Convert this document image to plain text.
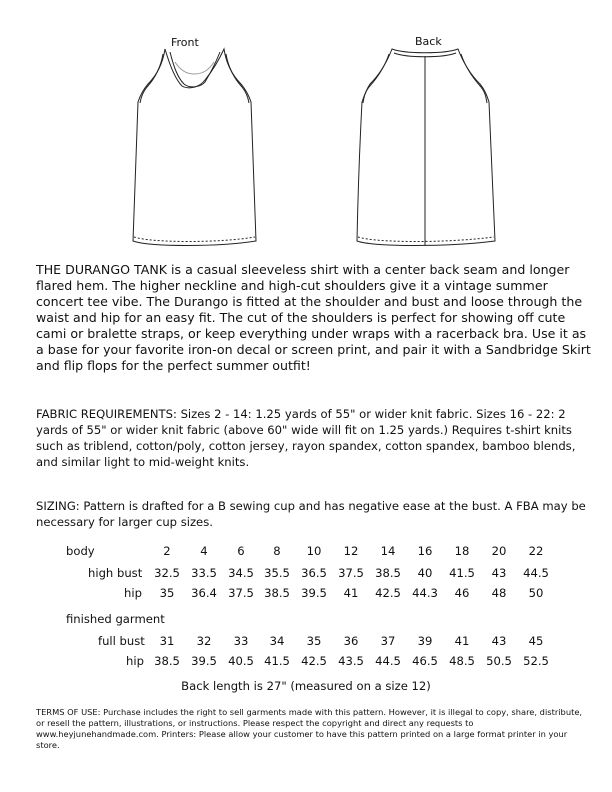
Front	Back

THE DURANGO TANK is a casual sleeveless shirt with a center back seam and longer flared hem. The higher neckline and high-cut shoulders give it a vintage summer concert tee vibe. The Durango is fitted at the shoulder and bust and loose through the waist and hip for an easy fit. The cut of the shoulders is perfect for showing off cute cami or bralette straps, or keep everything under wraps with a racerback bra. Use it as a base for your favorite iron-on decal or screen print, and pair it with a Sandbridge Skirt and flip flops for the perfect summer outfit!

FABRIC REQUIREMENTS: Sizes 2 - 14: 1.25 yards of 55" or wider knit fabric. Sizes 16 - 22: 2 yards of 55" or wider knit fabric (above 60" wide will fit on 1.25 yards.) Requires t-shirt knits such as triblend, cotton/poly, cotton jersey, rayon spandex, cotton spandex, bamboo blends, and similar light to mid-weight knits.

SIZING: Pattern is drafted for a B sewing cup and has negative ease at the bust. A FBA may be necessary for larger cup sizes.

body	2	4	6	8	10	12	14	16	18	20	22
high bust	32.5 33.5 34.5 35.5 36.5 37.5 38.5	40	41.5	43	44.5
hip	35	36.4 37.5 38.5 39.5	41	42.5 44.3	46	48	50
finished garment
full bust	31	32	33	34	35	36	37	39	41	43	45
hip 38.5 39.5 40.5 41.5 42.5 43.5 44.5 46.5 48.5 50.5 52.5
Back length is 27" (measured on a size 12)

TERMS OF USE: Purchase includes the right to sell garments made with this pattern. However, it is illegal to copy, share, distribute, or resell the pattern, illustrations, or instructions. Please respect the copyright and direct any requests to www.heyjunehandmade.com. Printers: Please allow your customer to have this pattern printed on a large format printer in your store.
